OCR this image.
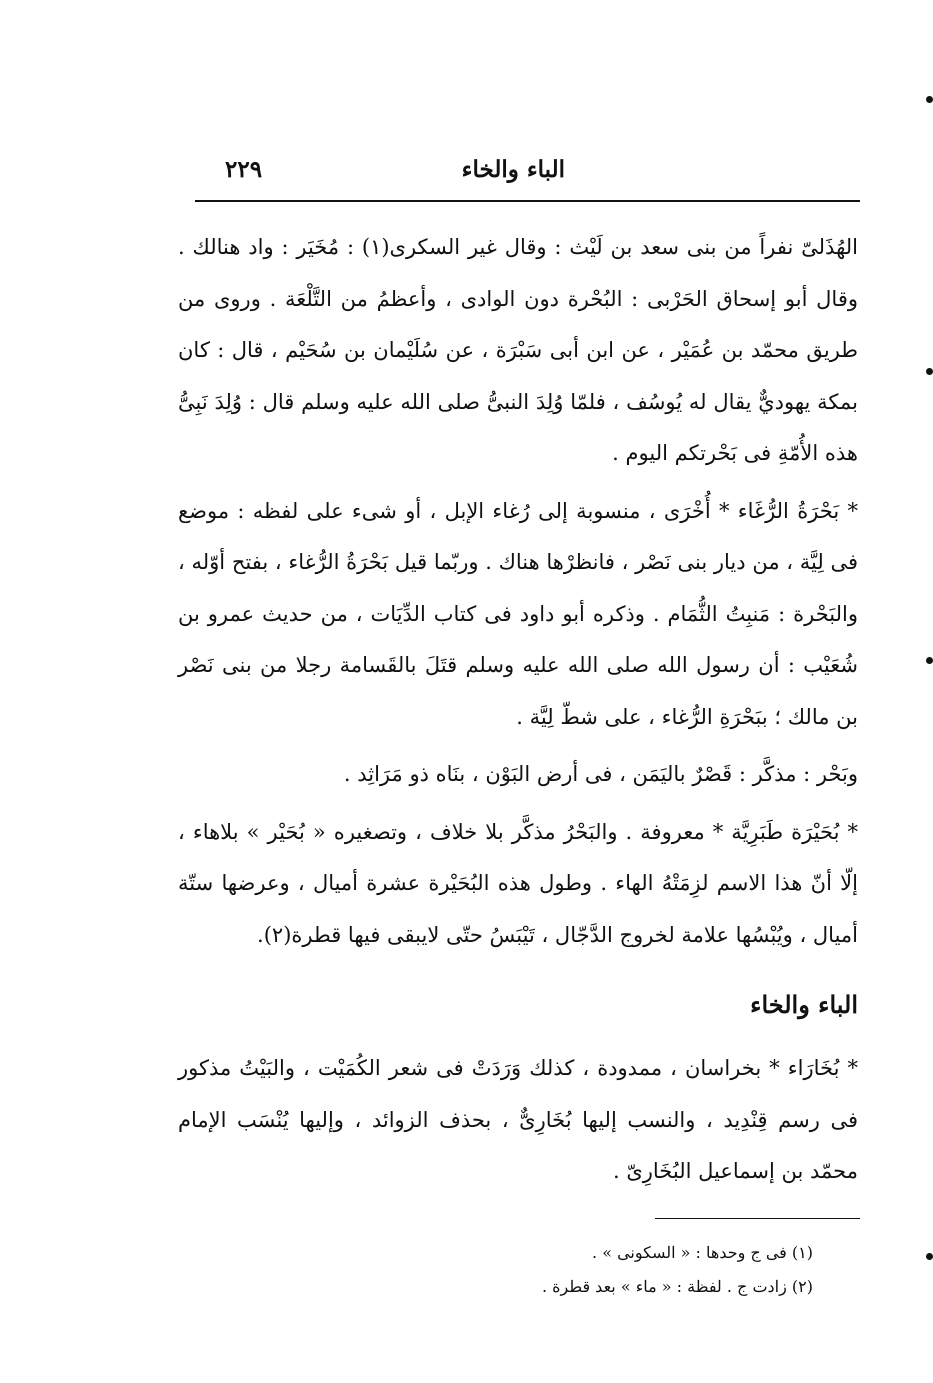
الباء والخاء
٢٢٩

الهُذَلىّ نفراً من بنى سعد بن لَيْث : وقال غير السكرى(١) : مُخَيَر : واد هنالك . وقال أبو إسحاق الحَرْبى : البُحْرة دون الوادى ، وأعظمُ من التَّلْعَة . وروى من طريق محمّد بن عُمَيْر ، عن ابن أبى سَبْرَة ، عن سُلَيْمان بن سُحَيْم ، قال : كان بمكة يهوديٌّ يقال له يُوسُف ، فلمّا وُلِدَ النبىُّ صلى الله عليه وسلم قال : وُلِدَ نَبِىُّ هذه الأُمّةِ فى بَحْرتكم اليوم .

* بَحْرَةُ الرُّغَاء * أُخْرَى ، منسوبة إلى رُغاء الإبل ، أو شىء على لفظه : موضع فى لِيَّة ، من ديار بنى نَصْر ، فانظرْها هناك . وربّما قيل بَحْرَةُ الرُّغاء ، بفتح أوّله ، والبَحْرة : مَنبِتُ الثُّمَام . وذكره أبو داود فى كتاب الدِّيَات ، من حديث عمرو بن شُعَيْب : أن رسول الله صلى الله عليه وسلم قتَلَ بالقَسامة رجلا من بنى نَصْر بن مالك ؛ ببَحْرَةِ الرُّغاء ، على شطّ لِيَّة .

وبَحْر : مذكَّر : قَصْرٌ باليَمَن ، فى أرض البَوْن ، بنَاه ذو مَرَاثِد .

* بُحَيْرَة طَبَرِيَّة * معروفة . والبَحْرُ مذكَّر بلا خلاف ، وتصغيره « بُحَيْر » بلاهاء ، إلّا أنّ هذا الاسم لزِمَتْهُ الهاء . وطول هذه البُحَيْرة عشرة أميال ، وعرضها ستّة أميال ، ويُبْسُها علامة لخروج الدَّجّال ، تَيْبَسُ حتّى لايبقى فيها قطرة(٢).

الباء والخاء

* بُخَارَاء * بخراسان ، ممدودة ، كذلك وَرَدَتْ فى شعر الكُمَيْت ، والبَيْتُ مذكور فى رسم قِنْدِيد ، والنسب إليها بُخَارِىٌّ ، بحذف الزوائد ، وإليها يُنْسَب الإمام محمّد بن إسماعيل البُخَارِىّ .

(١) فى ج وحدها : « السكونى » .
(٢) زادت ج . لفظة : « ماء » بعد قطرة .
